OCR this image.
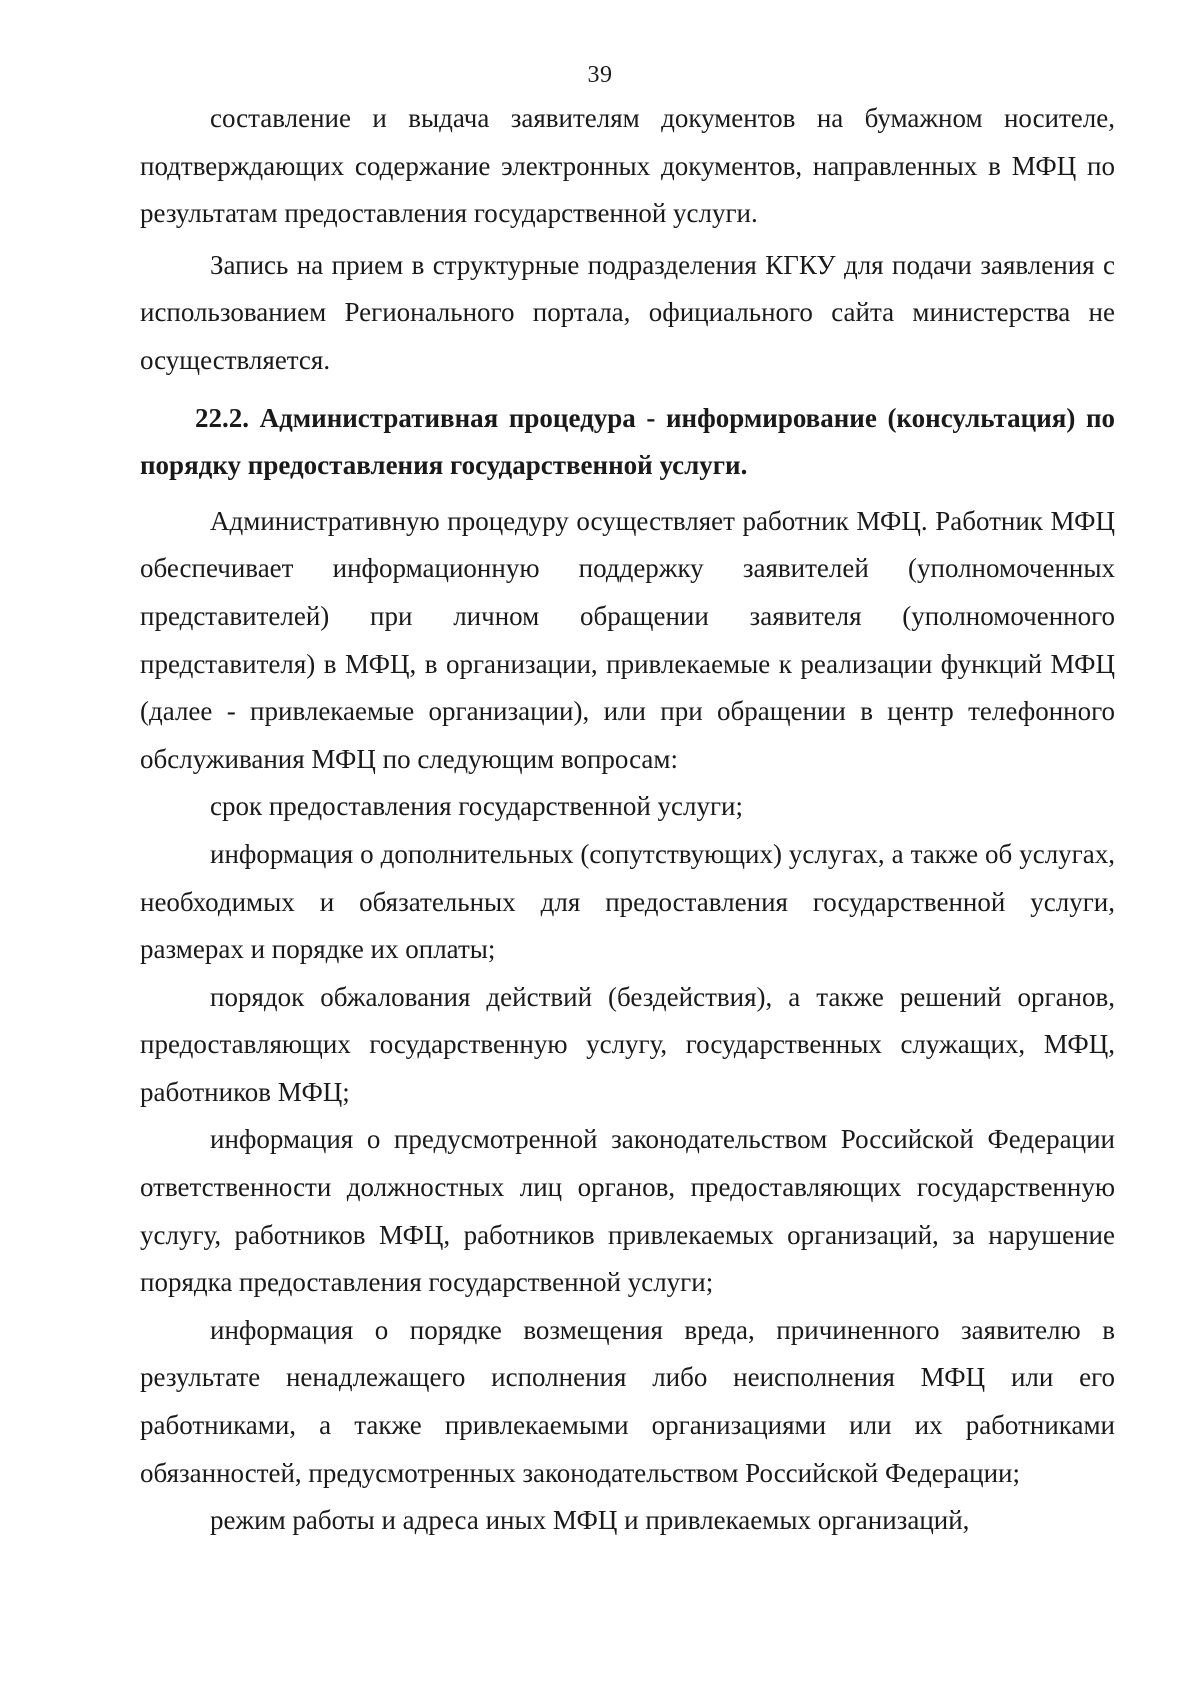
39

составление и выдача заявителям документов на бумажном носителе, подтверждающих содержание электронных документов, направленных в МФЦ по результатам предоставления государственной услуги.

Запись на прием в структурные подразделения КГКУ для подачи заявления с использованием Регионального портала, официального сайта министерства не осуществляется.

22.2. Административная процедура - информирование (консультация) по порядку предоставления государственной услуги.

Административную процедуру осуществляет работник МФЦ. Работник МФЦ обеспечивает информационную поддержку заявителей (уполномоченных представителей) при личном обращении заявителя (уполномоченного представителя) в МФЦ, в организации, привлекаемые к реализации функций МФЦ (далее - привлекаемые организации), или при обращении в центр телефонного обслуживания МФЦ по следующим вопросам:

срок предоставления государственной услуги;

информация о дополнительных (сопутствующих) услугах, а также об услугах, необходимых и обязательных для предоставления государственной услуги, размерах и порядке их оплаты;

порядок обжалования действий (бездействия), а также решений органов, предоставляющих государственную услугу, государственных служащих, МФЦ, работников МФЦ;

информация о предусмотренной законодательством Российской Федерации ответственности должностных лиц органов, предоставляющих государственную услугу, работников МФЦ, работников привлекаемых организаций, за нарушение порядка предоставления государственной услуги;

информация о порядке возмещения вреда, причиненного заявителю в результате ненадлежащего исполнения либо неисполнения МФЦ или его работниками, а также привлекаемыми организациями или их работниками обязанностей, предусмотренных законодательством Российской Федерации;

режим работы и адреса иных МФЦ и привлекаемых организаций,
